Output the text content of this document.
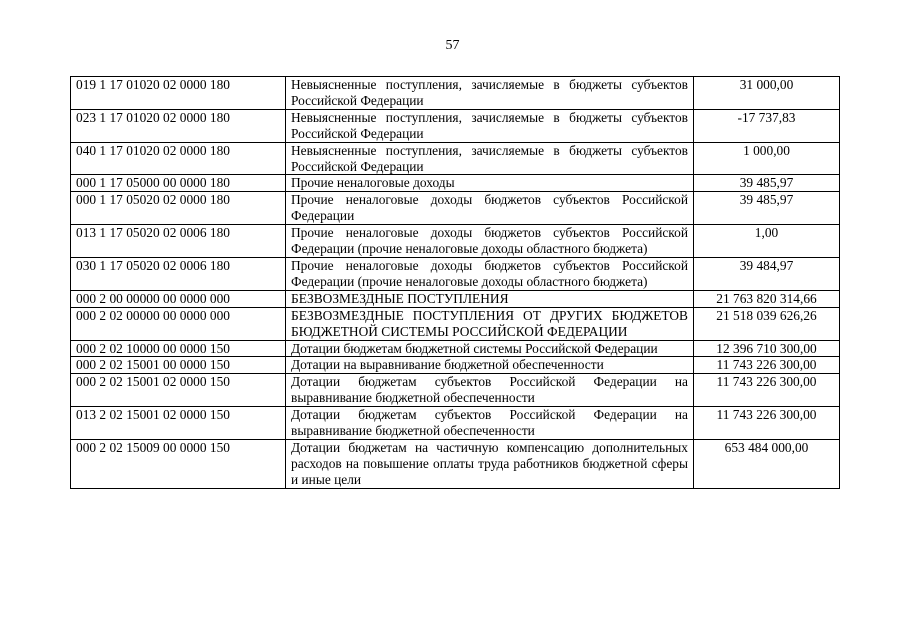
57
019 1 17 01020 02 0000 180	Невыясненные поступления, зачисляемые в бюджеты субъектов Российской Федерации	31 000,00
023 1 17 01020 02 0000 180	Невыясненные поступления, зачисляемые в бюджеты субъектов Российской Федерации	-17 737,83
040 1 17 01020 02 0000 180	Невыясненные поступления, зачисляемые в бюджеты субъектов Российской Федерации	1 000,00
000 1 17 05000 00 0000 180	Прочие неналоговые доходы	39 485,97
000 1 17 05020 02 0000 180	Прочие неналоговые доходы бюджетов субъектов Российской Федерации	39 485,97
013 1 17 05020 02 0006 180	Прочие неналоговые доходы бюджетов субъектов Российской Федерации (прочие неналоговые доходы областного бюджета)	1,00
030 1 17 05020 02 0006 180	Прочие неналоговые доходы бюджетов субъектов Российской Федерации (прочие неналоговые доходы областного бюджета)	39 484,97
000 2 00 00000 00 0000 000	БЕЗВОЗМЕЗДНЫЕ ПОСТУПЛЕНИЯ	21 763 820 314,66
000 2 02 00000 00 0000 000	БЕЗВОЗМЕЗДНЫЕ ПОСТУПЛЕНИЯ ОТ ДРУГИХ БЮДЖЕТОВ БЮДЖЕТНОЙ СИСТЕМЫ РОССИЙСКОЙ ФЕДЕРАЦИИ	21 518 039 626,26
000 2 02 10000 00 0000 150	Дотации бюджетам бюджетной системы Российской Федерации	12 396 710 300,00
000 2 02 15001 00 0000 150	Дотации на выравнивание бюджетной обеспеченности	11 743 226 300,00
000 2 02 15001 02 0000 150	Дотации бюджетам субъектов Российской Федерации на выравнивание бюджетной обеспеченности	11 743 226 300,00
013 2 02 15001 02 0000 150	Дотации бюджетам субъектов Российской Федерации на выравнивание бюджетной обеспеченности	11 743 226 300,00
000 2 02 15009 00 0000 150	Дотации бюджетам на частичную компенсацию дополнительных расходов на повышение оплаты труда работников бюджетной сферы и иные цели	653 484 000,00
